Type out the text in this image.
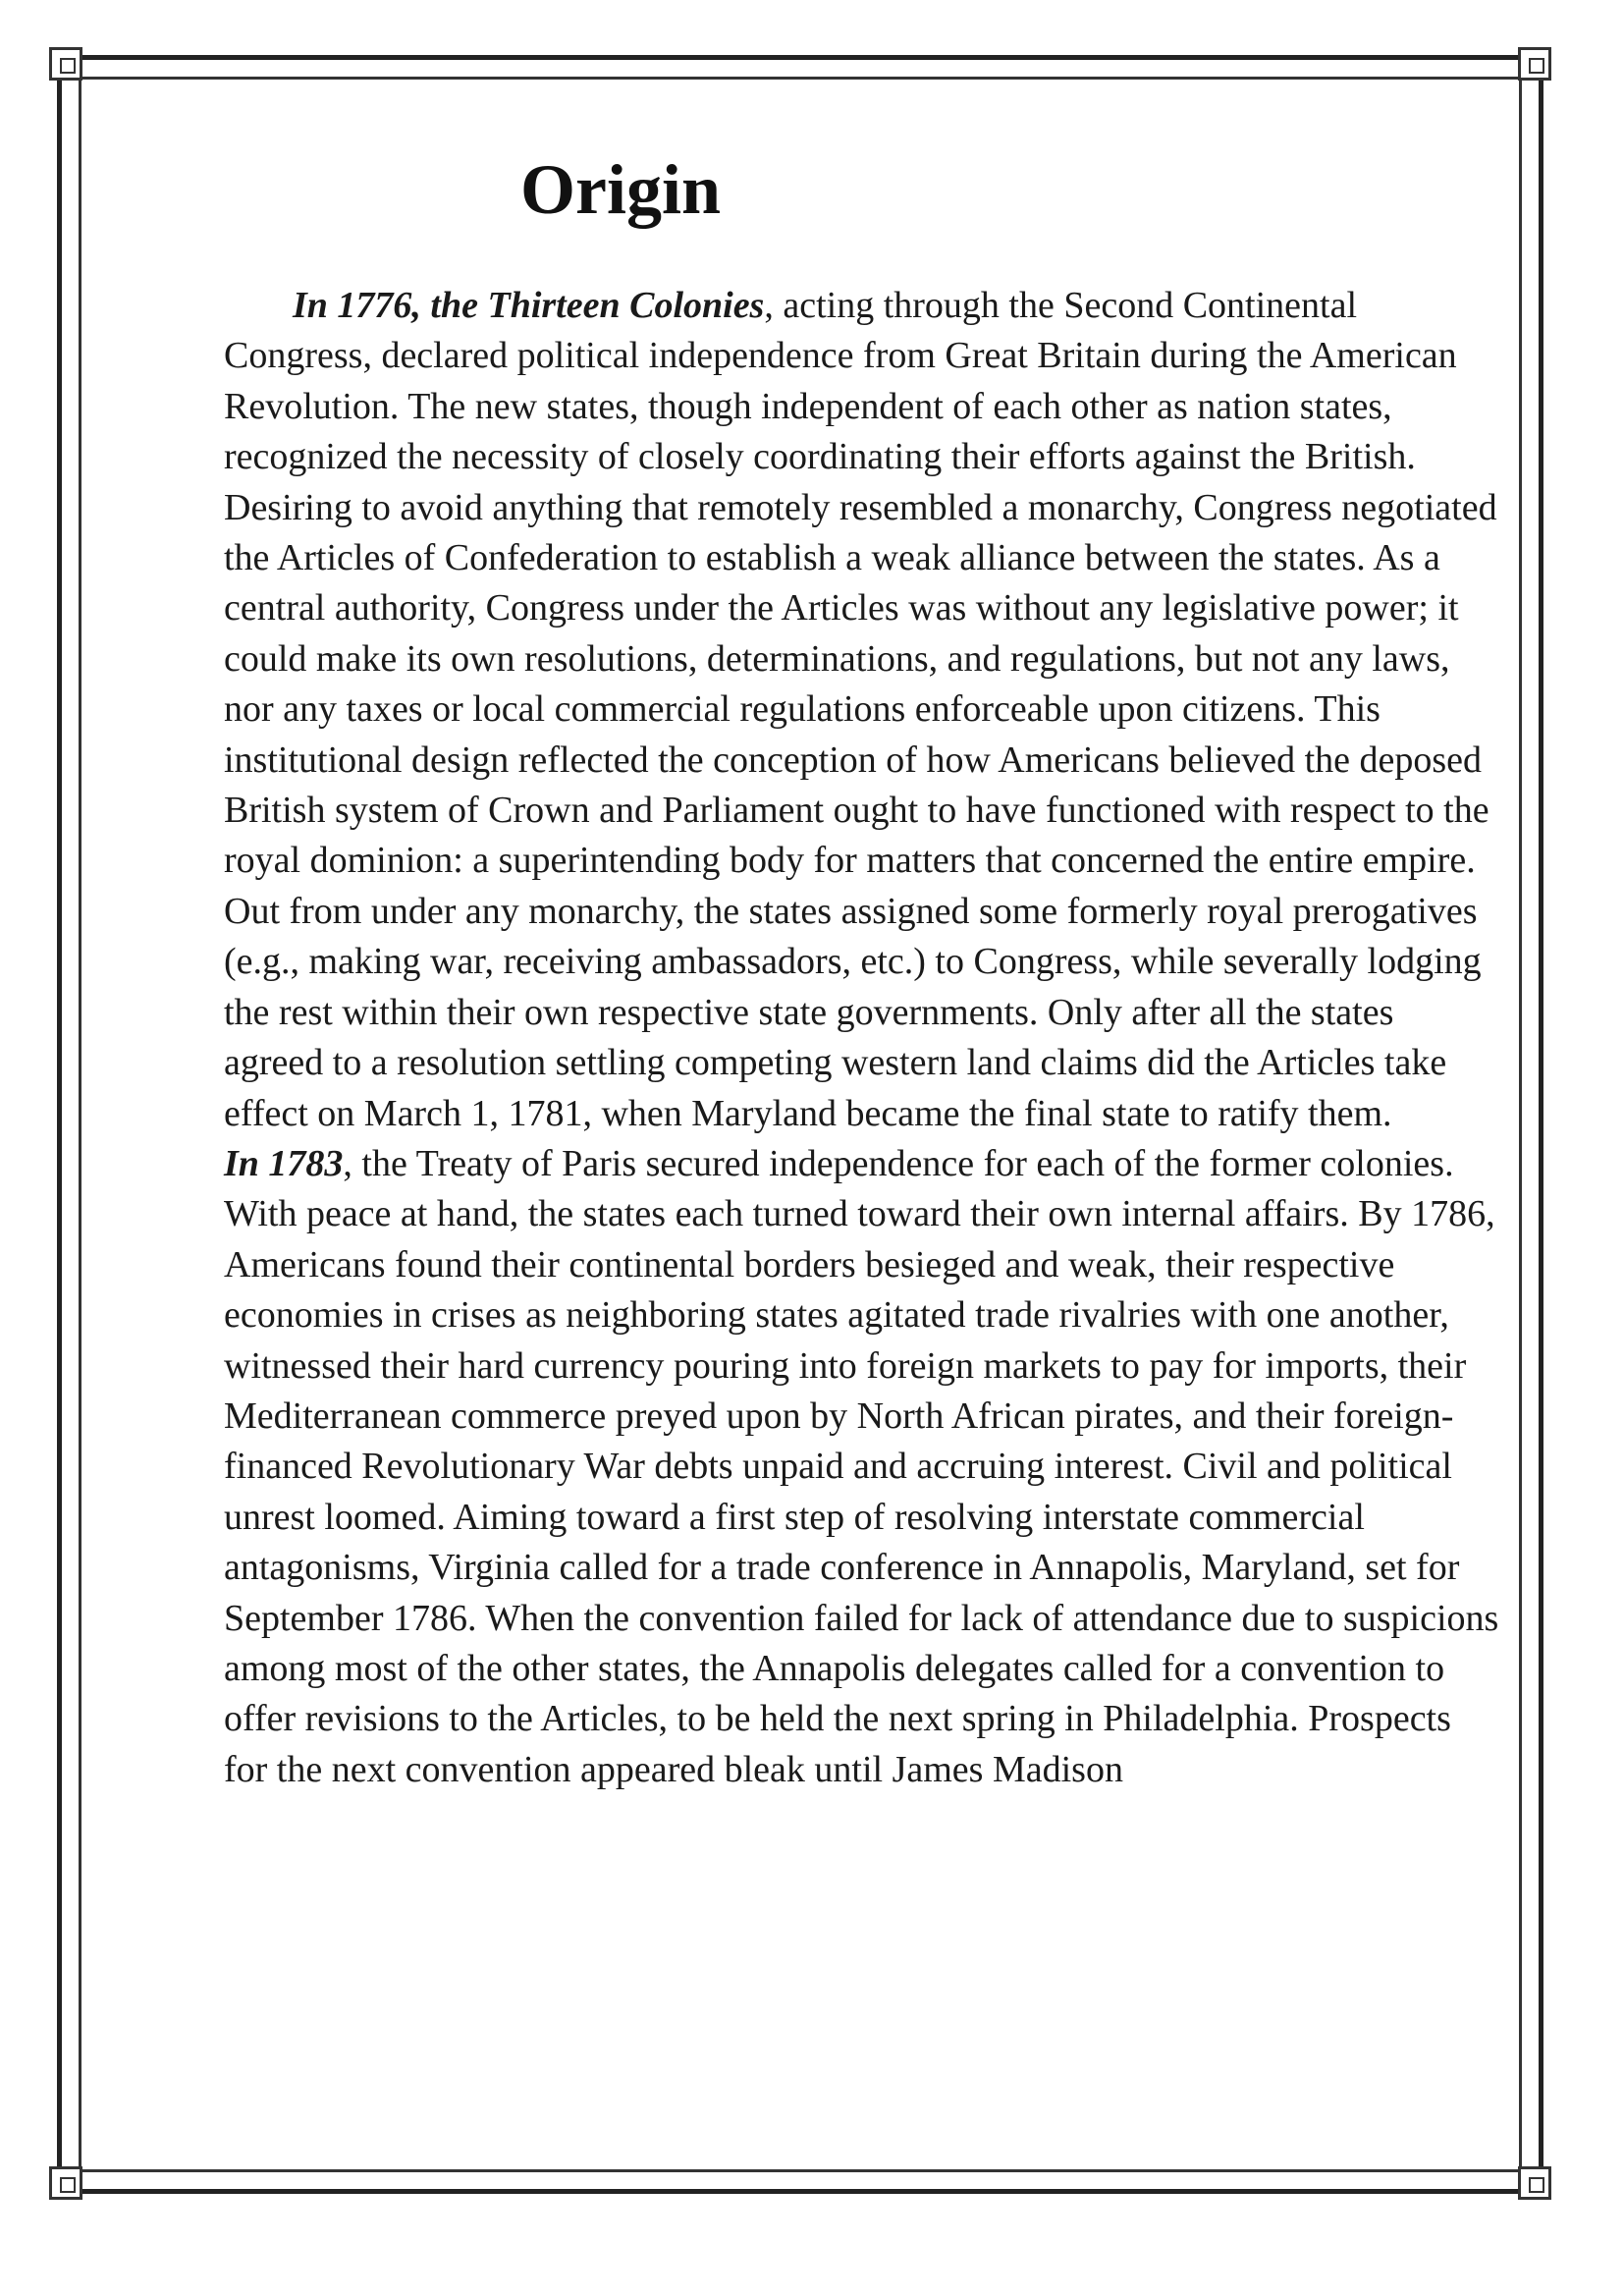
Origin

In 1776, the Thirteen Colonies, acting through the Second Continental Congress, declared political independence from Great Britain during the American Revolution. The new states, though independent of each other as nation states, recognized the necessity of closely coordinating their efforts against the British. Desiring to avoid anything that remotely resembled a monarchy, Congress negotiated the Articles of Confederation to establish a weak alliance between the states. As a central authority, Congress under the Articles was without any legislative power; it could make its own resolutions, determinations, and regulations, but not any laws, nor any taxes or local commercial regulations enforceable upon citizens. This institutional design reflected the conception of how Americans believed the deposed British system of Crown and Parliament ought to have functioned with respect to the royal dominion: a superintending body for matters that concerned the entire empire. Out from under any monarchy, the states assigned some formerly royal prerogatives (e.g., making war, receiving ambassadors, etc.) to Congress, while severally lodging the rest within their own respective state governments. Only after all the states agreed to a resolution settling competing western land claims did the Articles take effect on March 1, 1781, when Maryland became the final state to ratify them.

In 1783, the Treaty of Paris secured independence for each of the former colonies. With peace at hand, the states each turned toward their own internal affairs. By 1786, Americans found their continental borders besieged and weak, their respective economies in crises as neighboring states agitated trade rivalries with one another, witnessed their hard currency pouring into foreign markets to pay for imports, their Mediterranean commerce preyed upon by North African pirates, and their foreign-financed Revolutionary War debts unpaid and accruing interest. Civil and political unrest loomed. Aiming toward a first step of resolving interstate commercial antagonisms, Virginia called for a trade conference in Annapolis, Maryland, set for September 1786. When the convention failed for lack of attendance due to suspicions among most of the other states, the Annapolis delegates called for a convention to offer revisions to the Articles, to be held the next spring in Philadelphia. Prospects for the next convention appeared bleak until James Madison
